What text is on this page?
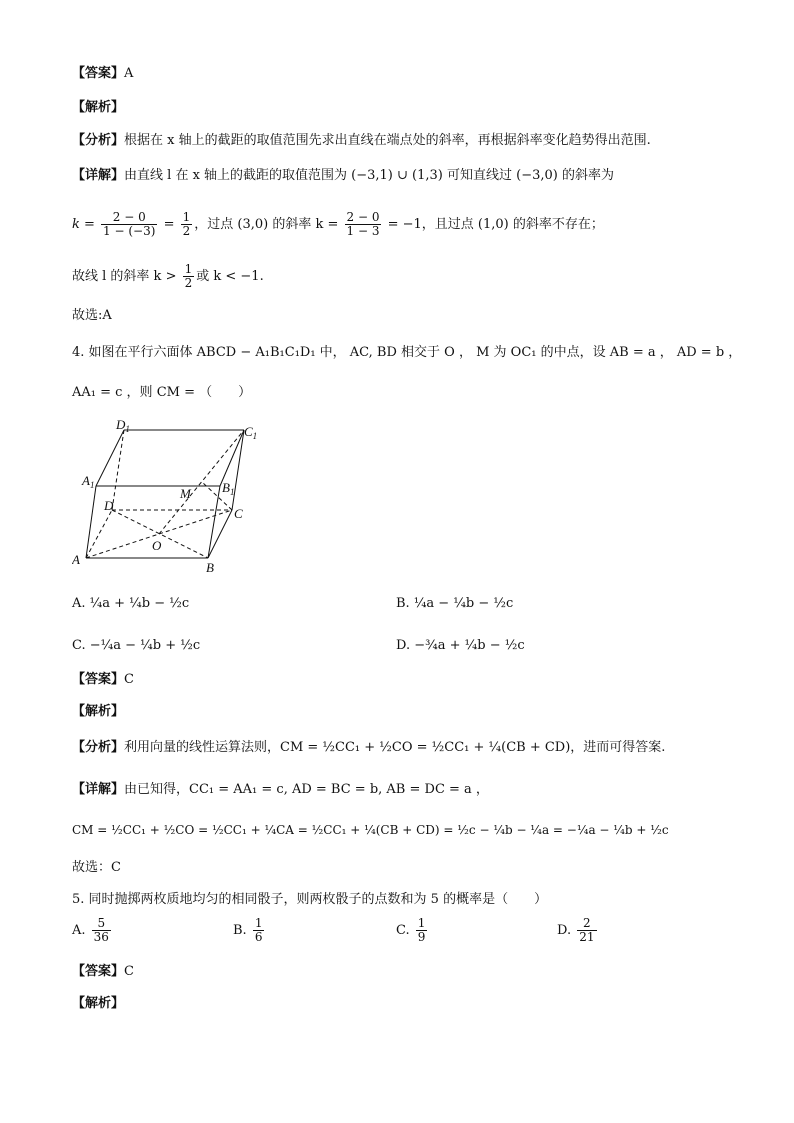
【答案】A
【解析】
【分析】根据在 x 轴上的截距的取值范围先求出直线在端点处的斜率，再根据斜率变化趋势得出范围.
【详解】由直线 l 在 x 轴上的截距的取值范围为 (−3,1) ∪ (1,3) 可知直线过 (−3,0) 的斜率为
$k = \frac{2 - 0}{1 - (-3)} = \frac{1}{2}$ ，过点 (3,0) 的斜率 $k = \frac{2 - 0}{1 - 3} = -1$，且过点 (1,0) 的斜率不存在；
故线 l 的斜率 $k > \frac{1}{2}$ 或 k < −1.
故选:A
4. 如图在平行六面体 ABCD − A₁B₁C₁D₁ 中， AC, BD 相交于 O ， M 为 OC₁ 的中点，设 AB = a ， AD = b ，
AA₁ = c ，则 CM = （　　）
$D_1$	$C_1$
$A_1$	$B_1$
M
D
C
O
A
B
A. ¼a + ¼b − ½c	B. ¼a − ¼b − ½c
C. −¼a − ¼b + ½c	D. −¾a + ¼b − ½c
【答案】C
【解析】
【分析】利用向量的线性运算法则，CM = ½CC₁ + ½CO = ½CC₁ + ¼(CB + CD)，进而可得答案.
【详解】由已知得，CC₁ = AA₁ = c, AD = BC = b, AB = DC = a ，
CM = ½CC₁ + ½CO = ½CC₁ + ¼CA = ½CC₁ + ¼(CB + CD) = ½c − ¼b − ¼a = −¼a − ¼b + ½c
故选：C
5. 同时抛掷两枚质地均匀的相同骰子，则两枚骰子的点数和为 5 的概率是（　　）
A. $\frac{5}{36}$	B. $\frac{1}{6}$	C. $\frac{1}{9}$	D. $\frac{2}{21}$
【答案】C
【解析】
